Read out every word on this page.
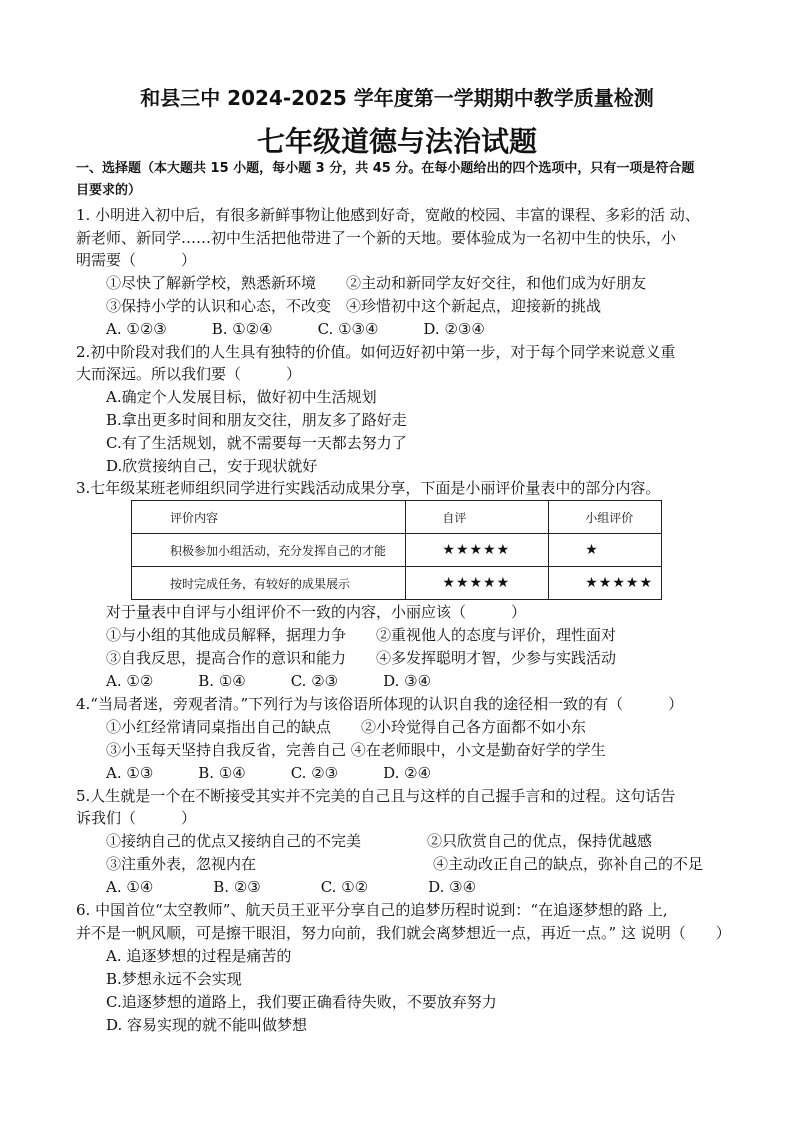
和县三中 2024-2025 学年度第一学期期中教学质量检测
七年级道德与法治试题
一、选择题（本大题共 15 小题，每小题 3 分，共 45 分。在每小题给出的四个选项中，只有一项是符合题
目要求的）
1. 小明进入初中后，有很多新鲜事物让他感到好奇，宽敞的校园、丰富的课程、多彩的活 动、
新老师、新同学……初中生活把他带进了一个新的天地。要体验成为一名初中生的快乐，小
明需要（　　　）
①尽快了解新学校，熟悉新环境　　②主动和新同学友好交往，和他们成为好朋友
③保持小学的认识和心态，不改变　④珍惜初中这个新起点，迎接新的挑战
A. ①②③　　　B. ①②④　　　C. ①③④　　　D. ②③④
2.初中阶段对我们的人生具有独特的价值。如何迈好初中第一步，对于每个同学来说意义重
大而深远。所以我们要（　　　）
A.确定个人发展目标，做好初中生活规划
B.拿出更多时间和朋友交往，朋友多了路好走
C.有了生活规划，就不需要每一天都去努力了
D.欣赏接纳自己，安于现状就好
3.七年级某班老师组织同学进行实践活动成果分享，下面是小丽评价量表中的部分内容。
评价内容	自评	小组评价
积极参加小组活动，充分发挥自己的才能	★★★★★	★
按时完成任务，有较好的成果展示	★★★★★	★★★★★
对于量表中自评与小组评价不一致的内容，小丽应该（　　　）
①与小组的其他成员解释，据理力争　　②重视他人的态度与评价，理性面对
③自我反思，提高合作的意识和能力　　④多发挥聪明才智，少参与实践活动
A. ①②　　　B. ①④　　　C. ②③　　　D. ③④
4.“当局者迷，旁观者清。”下列行为与该俗语所体现的认识自我的途径相一致的有（　　　）
①小红经常请同桌指出自己的缺点　　②小玲觉得自己各方面都不如小东
③小玉每天坚持自我反省，完善自己 ④在老师眼中，小文是勤奋好学的学生
A. ①③　　　B. ①④　　　C. ②③　　　D. ②④
5.人生就是一个在不断接受其实并不完美的自己且与这样的自己握手言和的过程。这句话告
诉我们（　　　）
①接纳自己的优点又接纳自己的不完美	②只欣赏自己的优点，保持优越感
③注重外表，忽视内在	④主动改正自己的缺点，弥补自己的不足
A. ①④　　　　B. ②③　　　　C. ①②　　　　D. ③④
6. 中国首位“太空教师”、航天员王亚平分享自己的追梦历程时说到：“在追逐梦想的路 上,
并不是一帆风顺，可是擦干眼泪，努力向前，我们就会离梦想近一点，再近一点。” 这 说明（　　）
A. 追逐梦想的过程是痛苦的
B.梦想永远不会实现
C.追逐梦想的道路上，我们要正确看待失败，不要放弃努力
D. 容易实现的就不能叫做梦想
